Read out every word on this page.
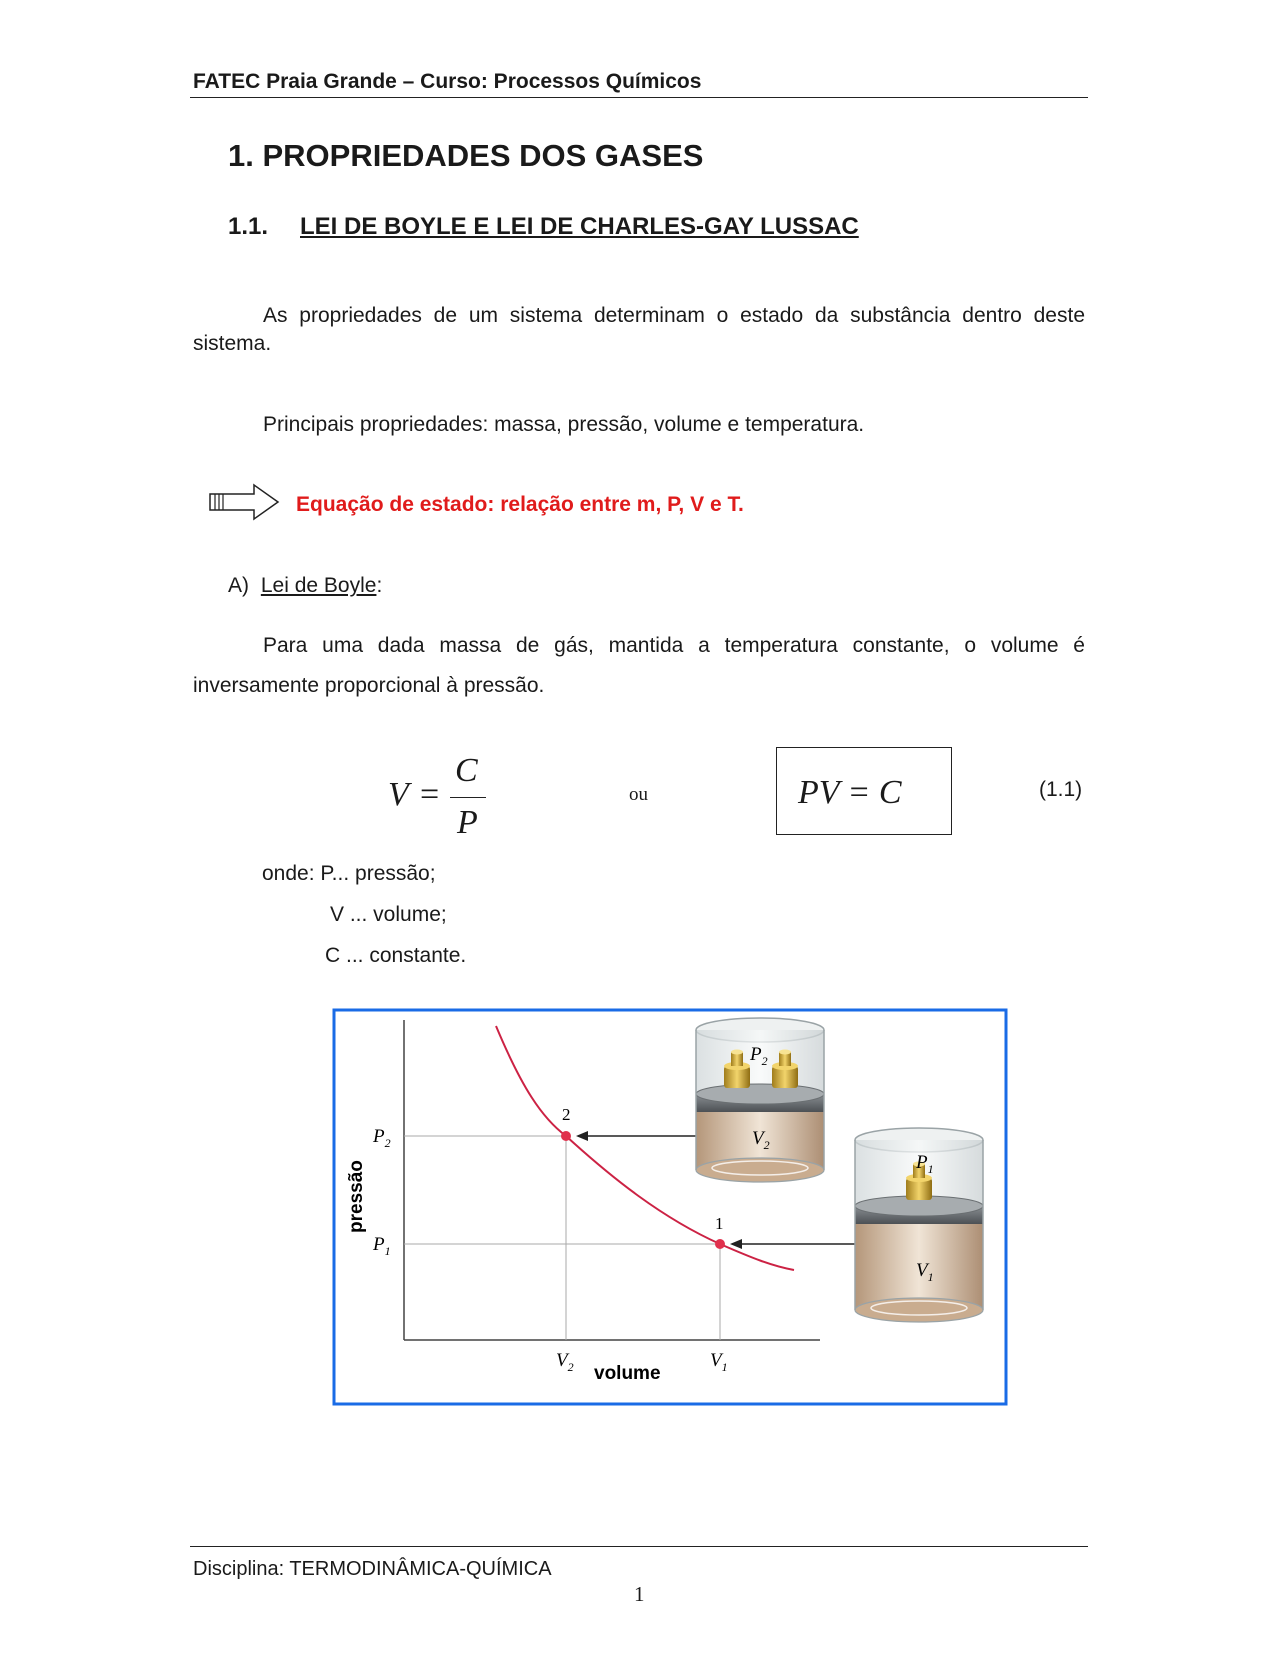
FATEC Praia Grande – Curso: Processos Químicos
1. PROPRIEDADES DOS GASES
1.1. LEI DE BOYLE E LEI DE CHARLES-GAY LUSSAC
As propriedades de um sistema determinam o estado da substância dentro deste sistema.
Principais propriedades: massa, pressão, volume e temperatura.
Equação de estado: relação entre m, P, V e T.
A) Lei de Boyle:
Para uma dada massa de gás, mantida a temperatura constante, o volume é inversamente proporcional à pressão.
V =
C
P
ou	PV = C	(1.1)
onde: P... pressão;
V ... volume;
C ... constante.
2
1
$P_2$
$P_1$
$V_2$	$V_1$
volume
pressão
$P_2$
$V_2$
$P_1$
$V_1$
Disciplina: TERMODINÂMICA-QUÍMICA
1
